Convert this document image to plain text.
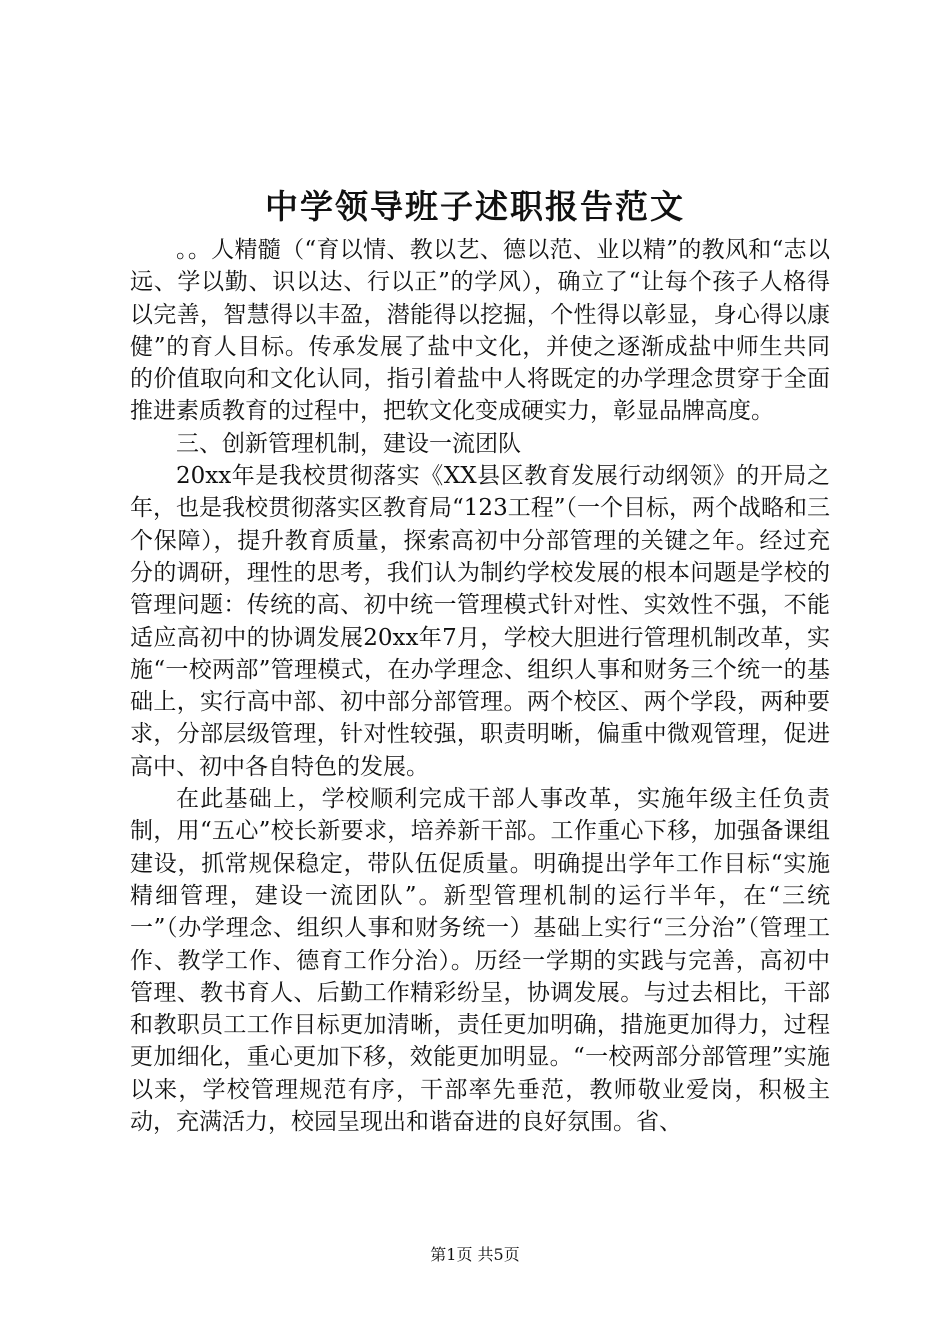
中学领导班子述职报告范文

。。人精髓（“育以情、教以艺、德以范、业以精”的教风和“志以远、学以勤、识以达、行以正”的学风），确立了“让每个孩子人格得以完善，智慧得以丰盈，潜能得以挖掘，个性得以彰显，身心得以康健”的育人目标。传承发展了盐中文化，并使之逐渐成盐中师生共同的价值取向和文化认同，指引着盐中人将既定的办学理念贯穿于全面推进素质教育的过程中，把软文化变成硬实力，彰显品牌高度。

三、创新管理机制，建设一流团队

20xx年是我校贯彻落实《XX县区教育发展行动纲领》的开局之年，也是我校贯彻落实区教育局“123工程”（一个目标，两个战略和三个保障），提升教育质量，探索高初中分部管理的关键之年。经过充分的调研，理性的思考，我们认为制约学校发展的根本问题是学校的管理问题：传统的高、初中统一管理模式针对性、实效性不强，不能适应高初中的协调发展20xx年7月，学校大胆进行管理机制改革，实施“一校两部”管理模式，在办学理念、组织人事和财务三个统一的基础上，实行高中部、初中部分部管理。两个校区、两个学段，两种要求，分部层级管理，针对性较强，职责明晰，偏重中微观管理，促进高中、初中各自特色的发展。

在此基础上，学校顺利完成干部人事改革，实施年级主任负责制，用“五心”校长新要求，培养新干部。工作重心下移，加强备课组建设，抓常规保稳定，带队伍促质量。明确提出学年工作目标“实施精细管理，建设一流团队”。新型管理机制的运行半年，在“三统一”（办学理念、组织人事和财务统一）基础上实行“三分治”（管理工作、教学工作、德育工作分治）。历经一学期的实践与完善，高初中管理、教书育人、后勤工作精彩纷呈，协调发展。与过去相比，干部和教职员工工作目标更加清晰，责任更加明确，措施更加得力，过程更加细化，重心更加下移，效能更加明显。“一校两部分部管理”实施以来，学校管理规范有序，干部率先垂范，教师敬业爱岗，积极主动，充满活力，校园呈现出和谐奋进的良好氛围。省、

第1页 共5页
